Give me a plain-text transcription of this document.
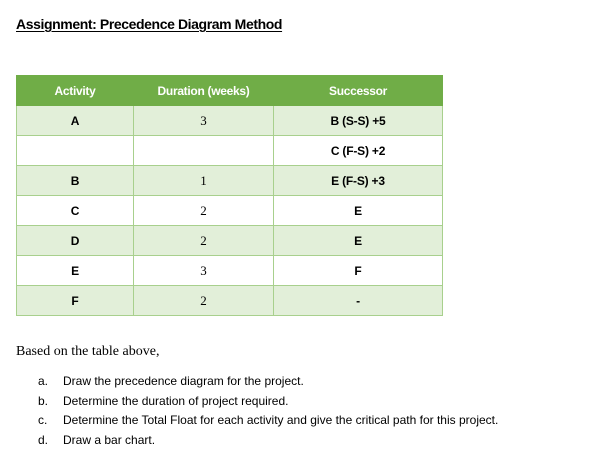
Assignment: Precedence Diagram Method
Activity	Duration (weeks)	Successor
A	3	B (S-S) +5
		C (F-S) +2
B	1	E (F-S) +3
C	2	E
D	2	E
E	3	F
F	2	-
Based on the table above,
a. Draw the precedence diagram for the project.
b. Determine the duration of project required.
c. Determine the Total Float for each activity and give the critical path for this project.
d. Draw a bar chart.
